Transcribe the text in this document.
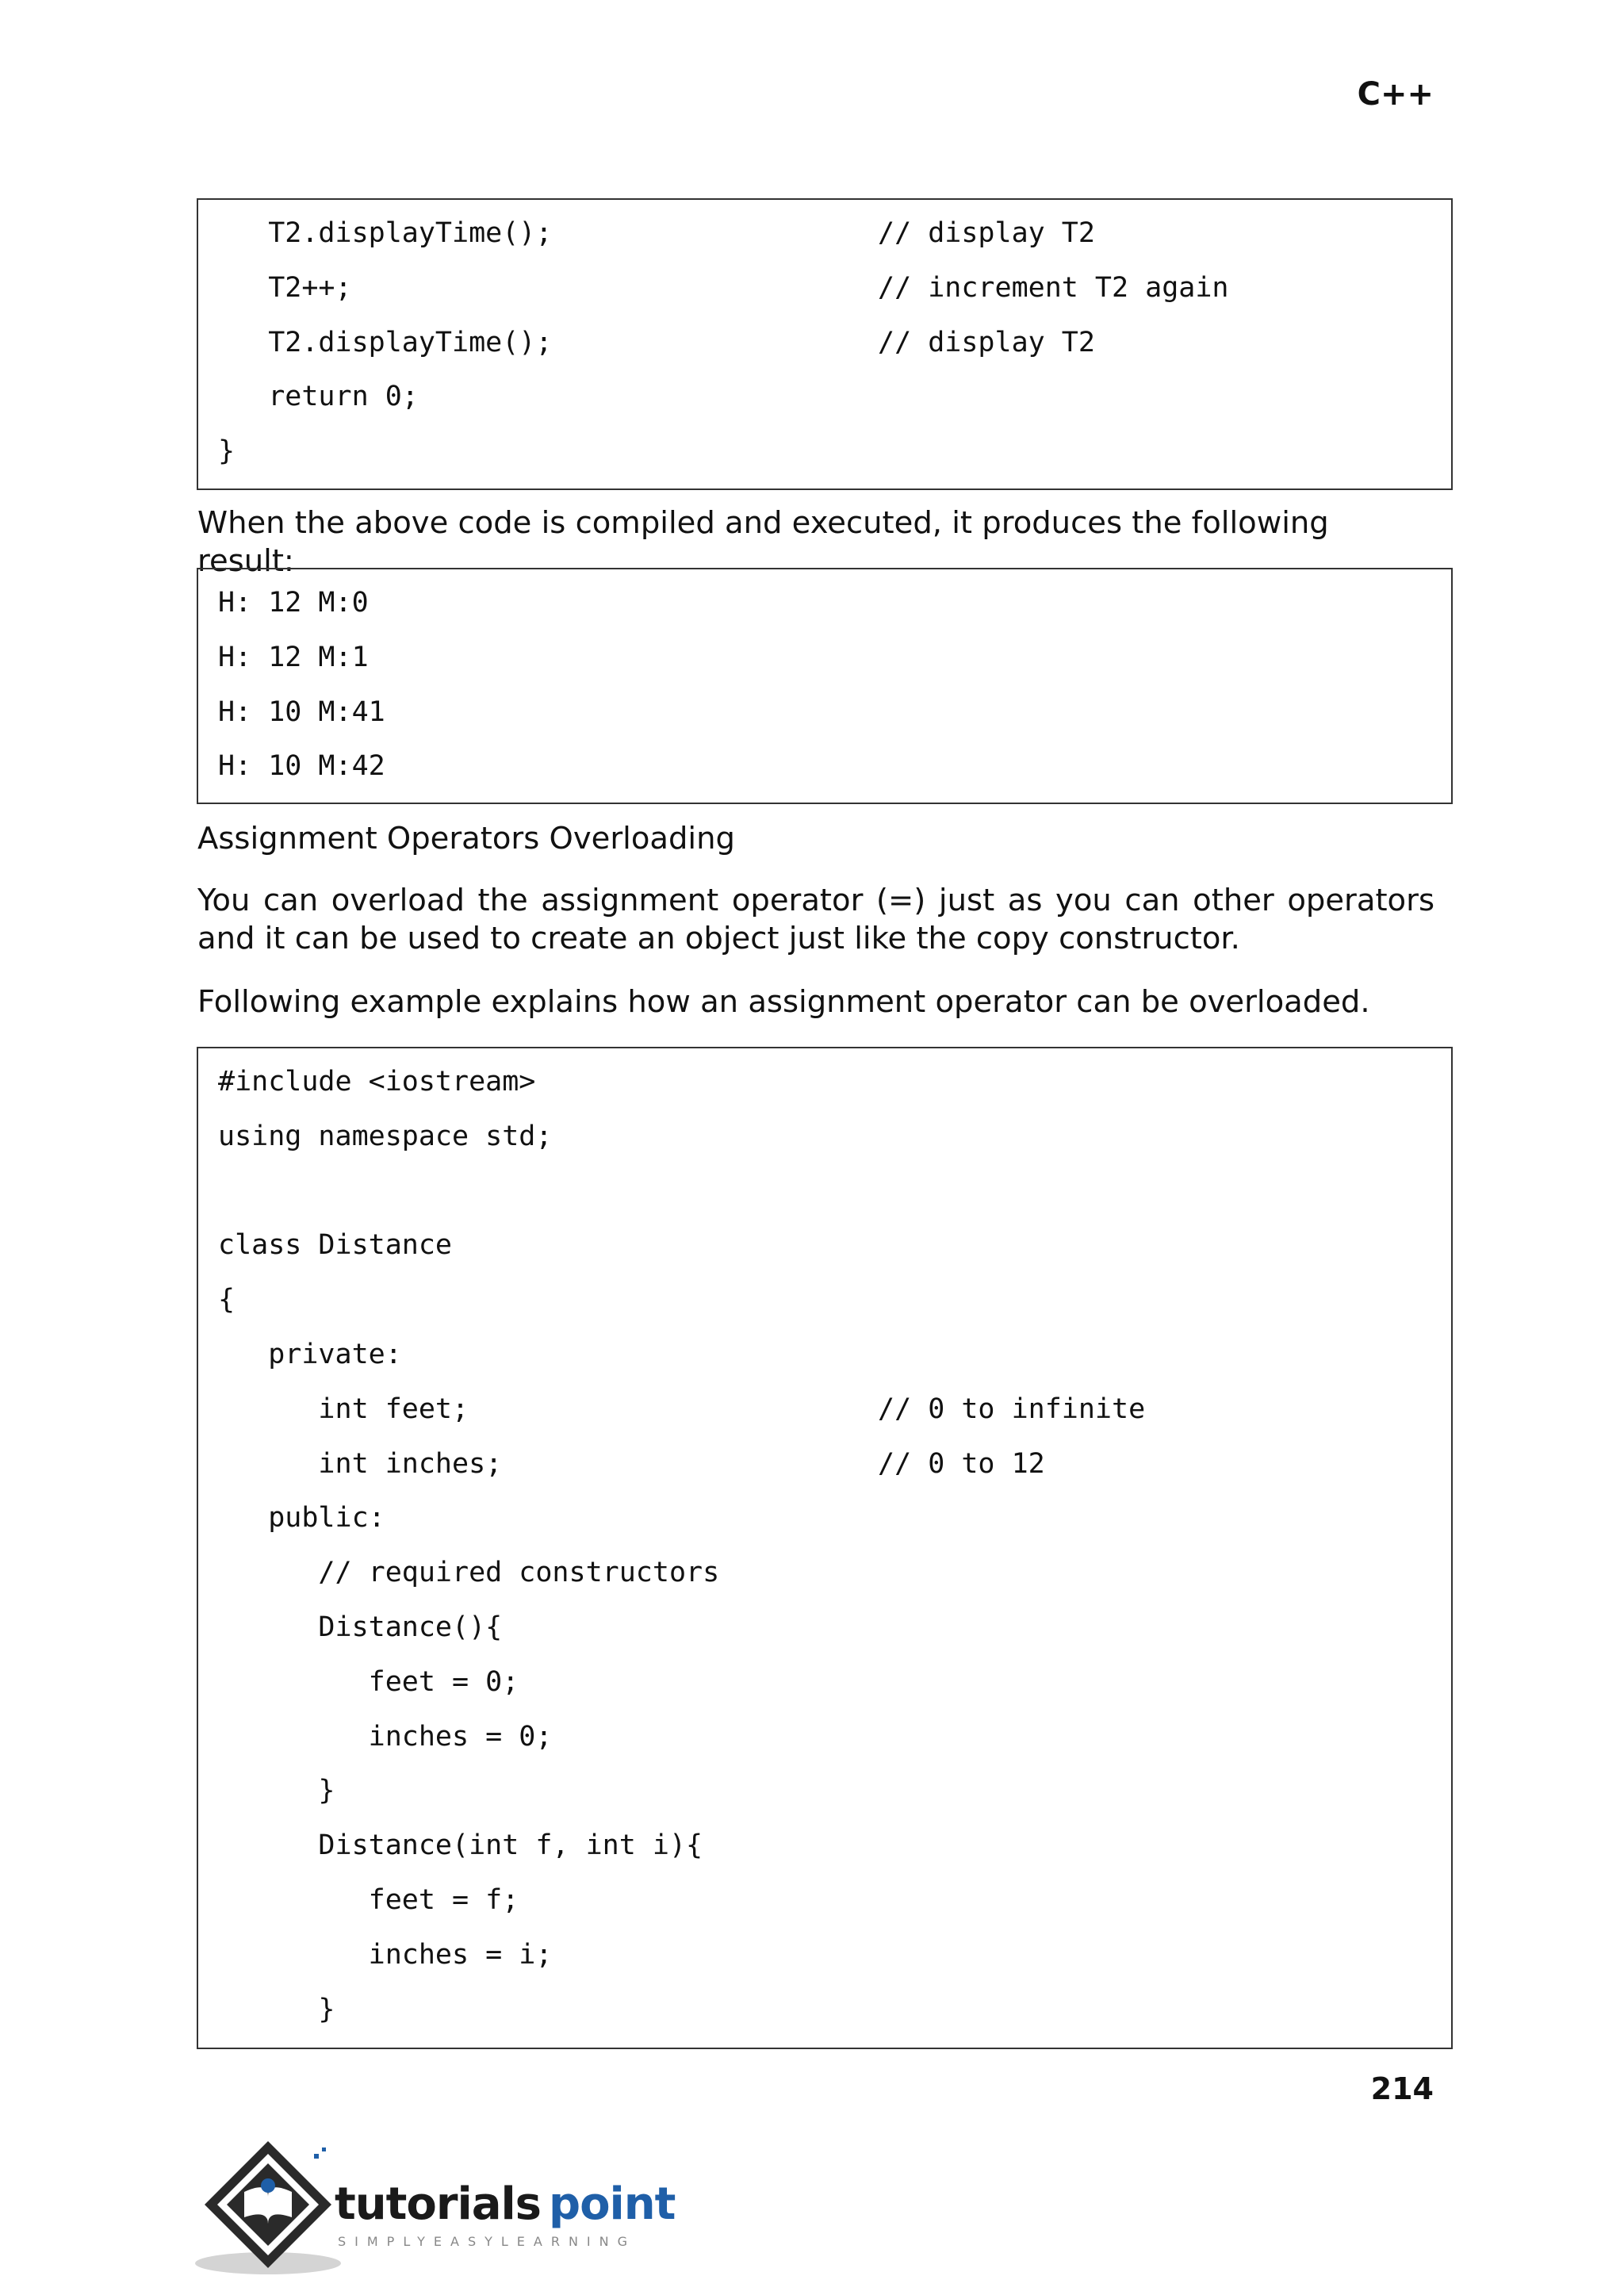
C++
T2.displayTime();	// display T2
T2++;	// increment T2 again
T2.displayTime();	// display T2
return 0;
}
When the above code is compiled and executed, it produces the following result:
H: 12 M:0
H: 12 M:1
H: 10 M:41
H: 10 M:42
Assignment Operators Overloading
You can overload the assignment operator (=) just as you can other operators and it can be used to create an object just like the copy constructor.
Following example explains how an assignment operator can be overloaded.
#include <iostream>
using namespace std;
class Distance
{
private:
int feet;	// 0 to infinite
int inches;	// 0 to 12
public:
// required constructors
Distance(){
feet = 0;
inches = 0;
}
Distance(int f, int i){
feet = f;
inches = i;
}
214
tutorials point
SIMPLYEASYLEARNING
